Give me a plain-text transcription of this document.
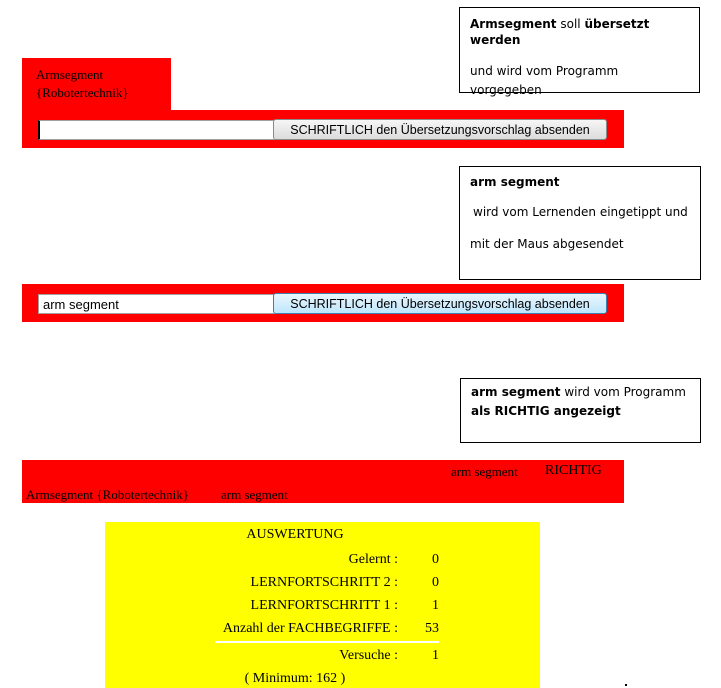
Armsegment soll übersetzt werden

und wird vom Programm vorgegeben

Armsegment
{Robotertechnik}
SCHRIFTLICH den Übersetzungsvorschlag absenden

arm segment

wird vom Lernenden eingetippt und

mit der Maus abgesendet

arm segment
SCHRIFTLICH den Übersetzungsvorschlag absenden

arm segment wird vom Programm

als RICHTIG angezeigt

arm segment RICHTIG
Armsegment {Robotertechnik} arm segment
AUSWERTUNG
Gelernt :	0
LERNFORTSCHRITT 2 :	0
LERNFORTSCHRITT 1 :	1
Anzahl der FACHBEGRIFFE :	53
Versuche :	1
( Minimum: 162 )
